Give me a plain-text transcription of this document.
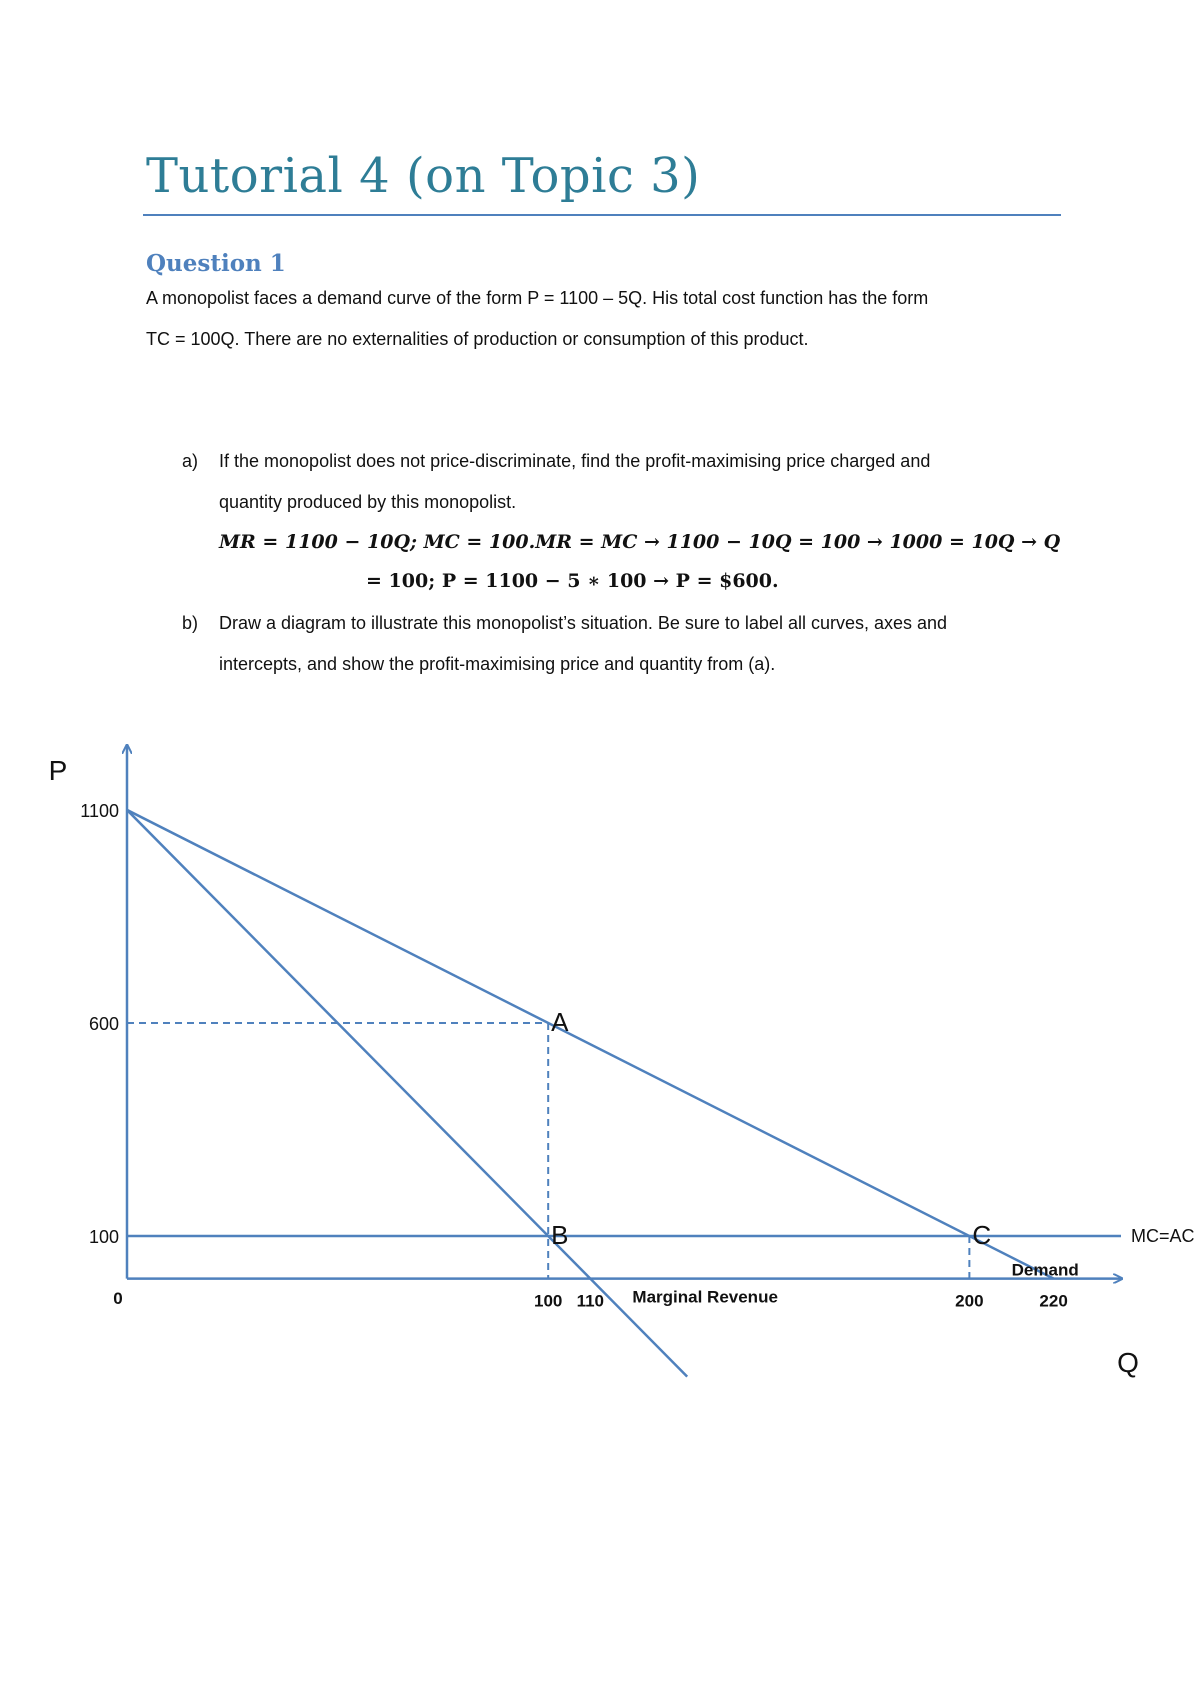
Tutorial 4 (on Topic 3)
Question 1

A monopolist faces a demand curve of the form P = 1100 – 5Q. His total cost function has the form

TC = 100Q. There are no externalities of production or consumption of this product.

a) If the monopolist does not price-discriminate, find the profit-maximising price charged and

quantity produced by this monopolist.

MR = 1100 − 10Q; MC = 100.MR = MC → 1100 − 10Q = 100 → 1000 = 10Q → Q
= 100; P = 1100 − 5 ∗ 100 → P = $600.
b) Draw a diagram to illustrate this monopolist’s situation. Be sure to label all curves, axes and

intercepts, and show the profit-maximising price and quantity from (a).

P
Q
0
1100
600
100
100 110	200	220
A
B	C	MC=AC
Demand
Marginal Revenue
